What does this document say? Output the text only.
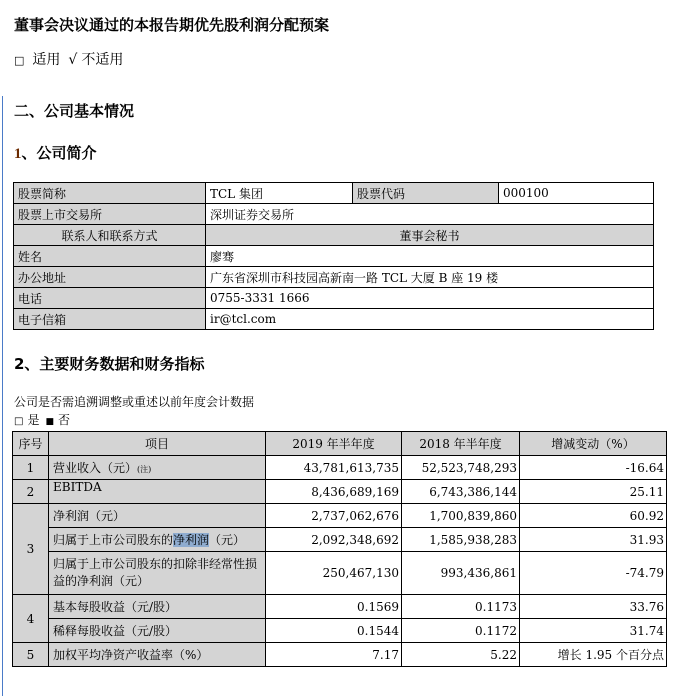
董事会决议通过的本报告期优先股利润分配预案
□ 适用 √ 不适用
二、公司基本情况
1、公司简介
股票简称	TCL 集团	股票代码	000100
股票上市交易所	深圳证券交易所		
联系人和联系方式	董事会秘书		
姓名	廖骞		
办公地址	广东省深圳市科技园高新南一路 TCL 大厦 B 座 19 楼		
电话	0755-3331 1666		
电子信箱	ir@tcl.com		
2、主要财务数据和财务指标
公司是否需追溯调整或重述以前年度会计数据
□ 是 ■ 否
序号	项目	2019 年半年度	2018 年半年度	增减变动（%）
1	营业收入（元）(注)	43,781,613,735	52,523,748,293	-16.64
2	EBITDA	8,436,689,169	6,743,386,144	25.11
3	净利润（元）	2,737,062,676	1,700,839,860	60.92
	归属于上市公司股东的净利润（元）	2,092,348,692	1,585,938,283	31.93
	归属于上市公司股东的扣除非经常性损益的净利润（元）	250,467,130	993,436,861	-74.79
4	基本每股收益（元/股）	0.1569	0.1173	33.76
	稀释每股收益（元/股）	0.1544	0.1172	31.74
5	加权平均净资产收益率（%）	7.17	5.22	增长 1.95 个百分点
